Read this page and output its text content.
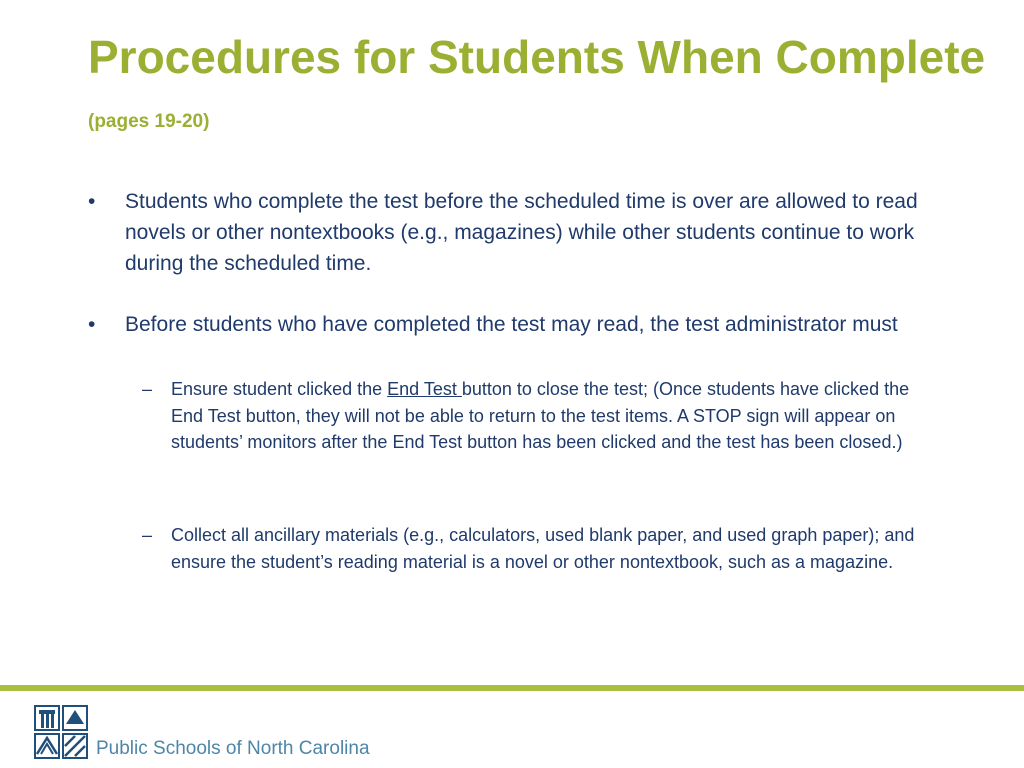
Procedures for Students When Complete (pages 19-20)
• Students who complete the test before the scheduled time is over are allowed to read novels or other nontextbooks (e.g., magazines) while other students continue to work during the scheduled time.
• Before students who have completed the test may read, the test administrator must
– Ensure student clicked the End Test button to close the test; (Once students have clicked the End Test button, they will not be able to return to the test items. A STOP sign will appear on students’ monitors after the End Test button has been clicked and the test has been closed.)
– Collect all ancillary materials (e.g., calculators, used blank paper, and used graph paper); and ensure the student’s reading material is a novel or other nontextbook, such as a magazine.
Public Schools of North Carolina
